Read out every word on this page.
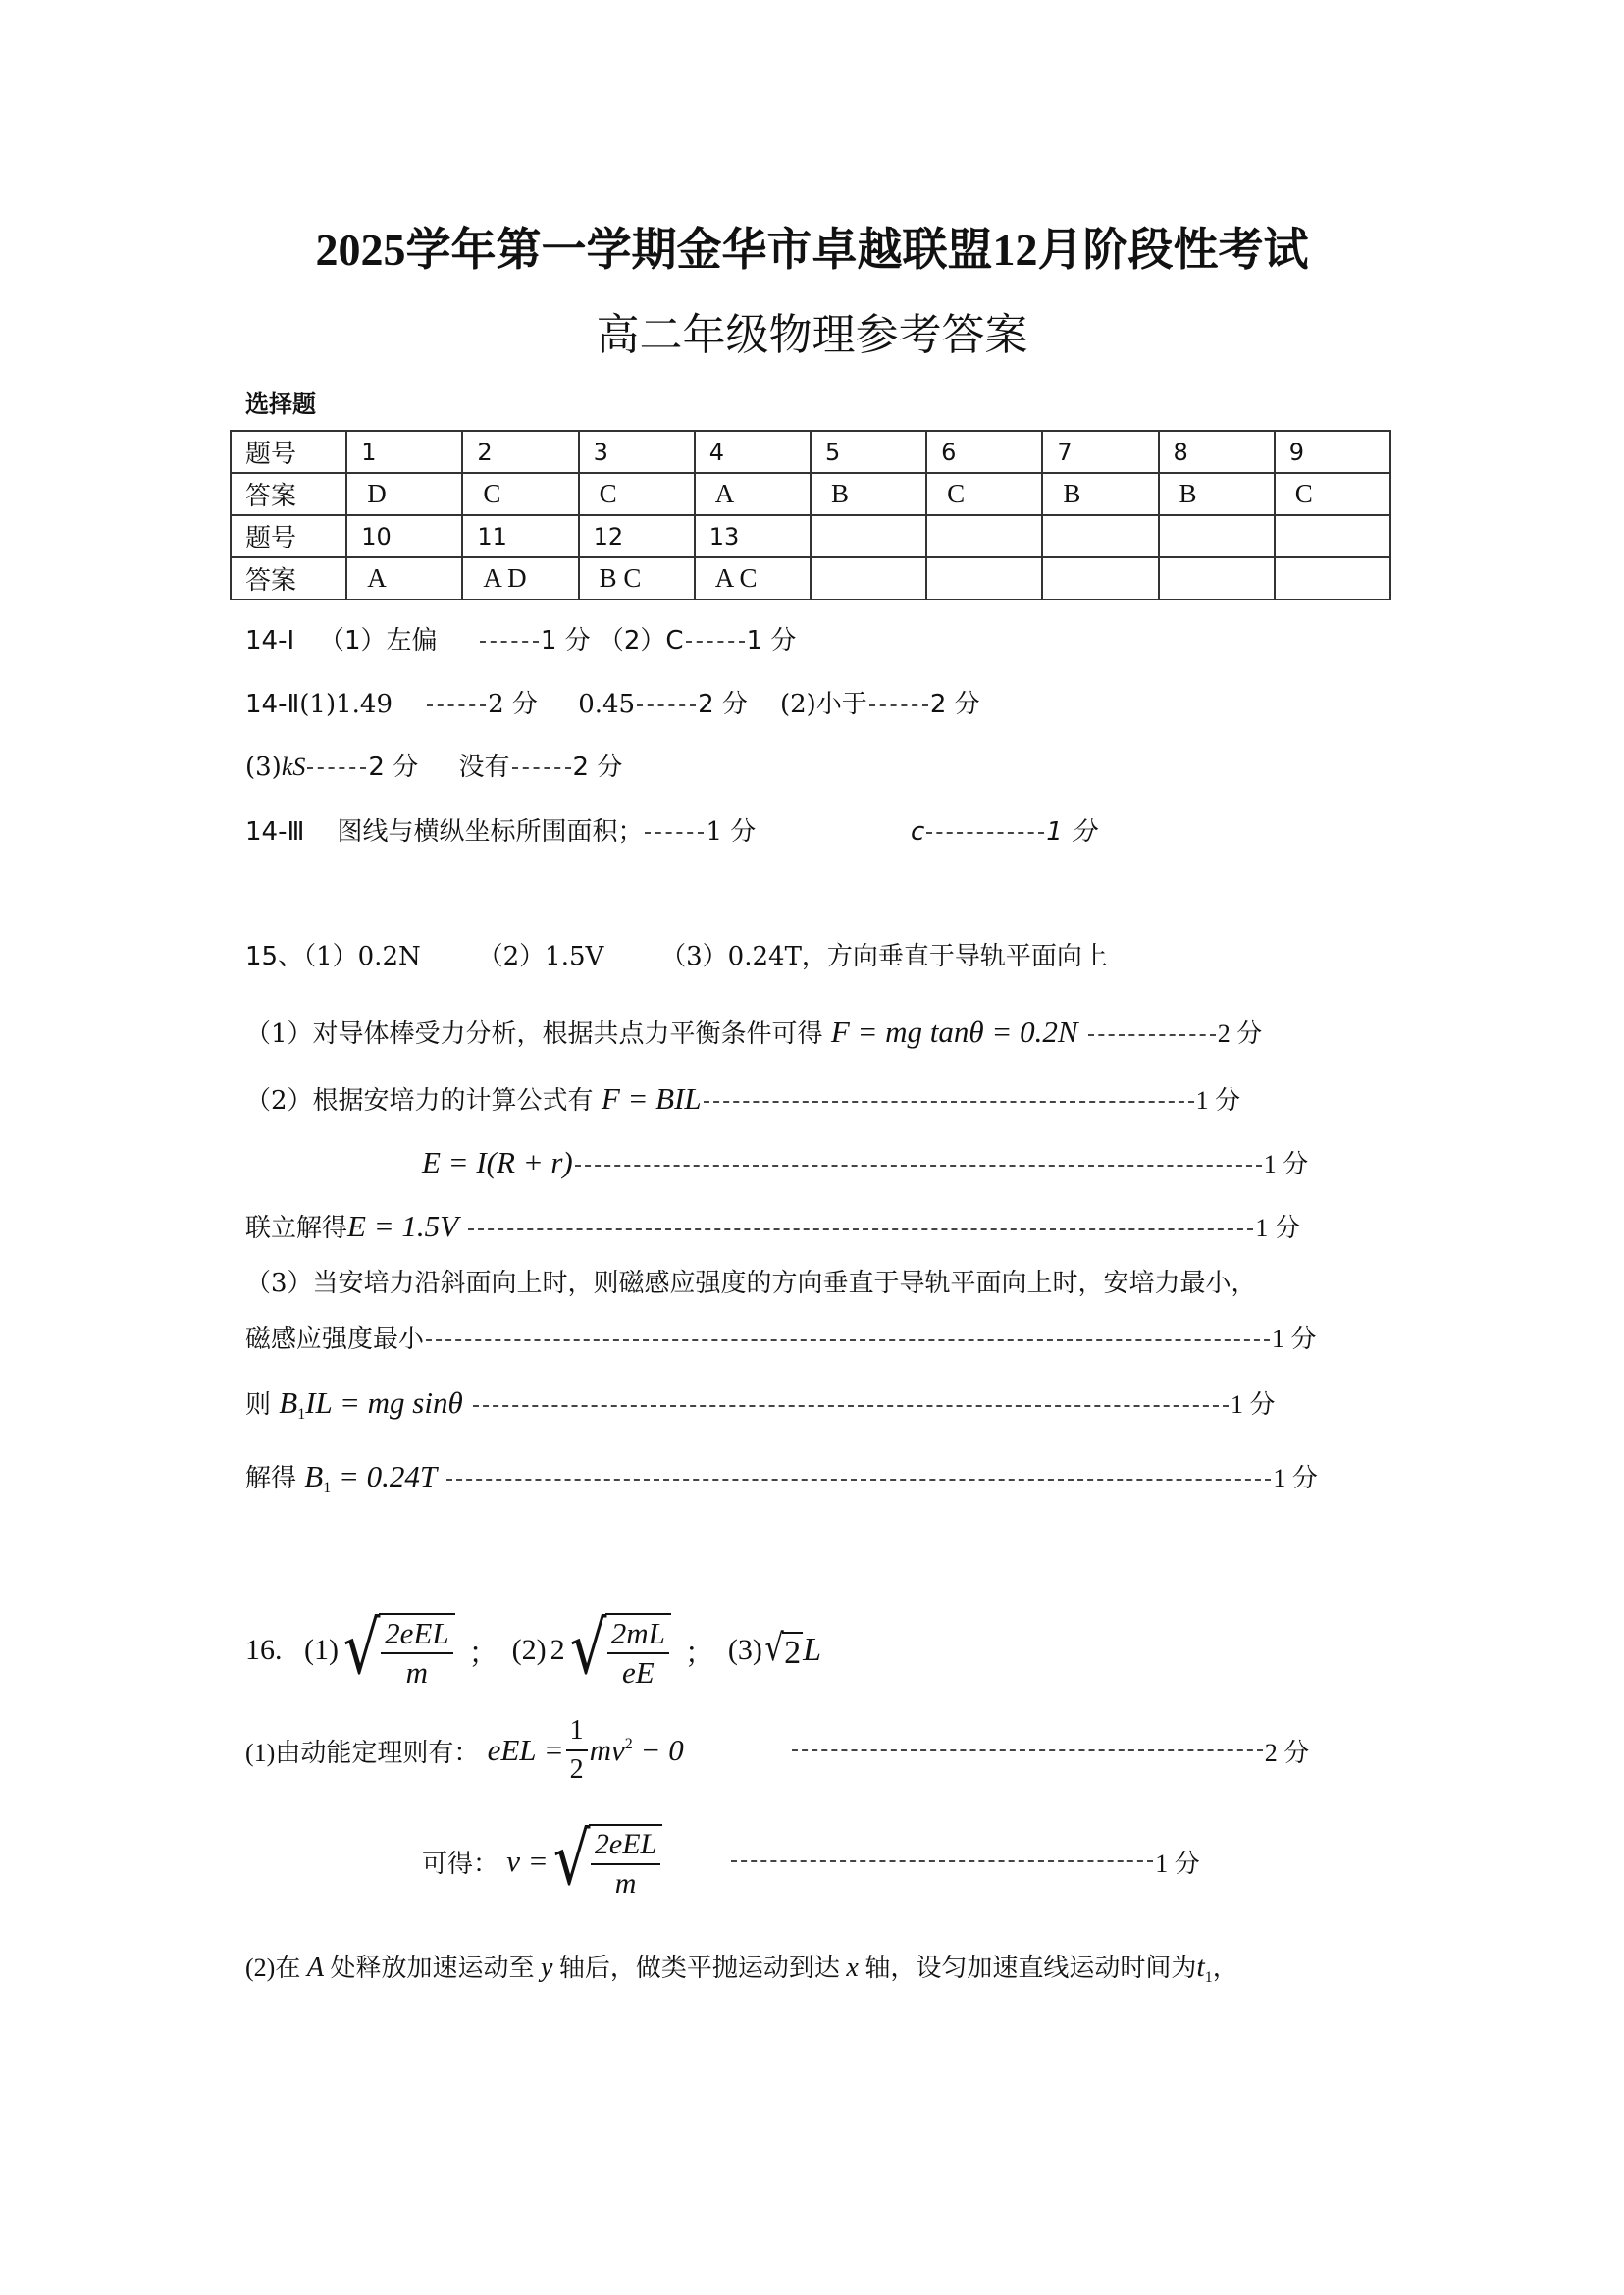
2025学年第一学期金华市卓越联盟12月阶段性考试
高二年级物理参考答案
选择题
题号	1	2	3	4	5	6	7	8	9
答案	D	C	C	A	B	C	B	B	C
题号	10	11	12	13					
答案	A	A D	B C	A C					
14-Ⅰ （1）左偏	1 分 （2）C 1 分
14-Ⅱ(1)1.49	2 分 0.45 2 分 (2)小于 2 分
(3)kS 2 分 没有 2 分
14-Ⅲ 图线与横纵坐标所围面积； 1 分	c	1 分
15、（1）0.2N （2）1.5V （3）0.24T，方向垂直于导轨平面向上
（1）对导体棒受力分析，根据共点力平衡条件可得 F = mg tanθ = 0.2N	2 分
（2）根据安培力的计算公式有 F = BIL	1 分
E = I(R + r)	1 分
联立解得E = 1.5V	1 分
（3）当安培力沿斜面向上时，则磁感应强度的方向垂直于导轨平面向上时，安培力最小，
磁感应强度最小	1 分
则 $B_1IL$ = mg sinθ	1 分
解得 $B_1 = 0.24T$	1 分
16.
(1) √ $\frac{\text{2eEL}}{m}$ ； (2) 2 √ $\frac{2mL}{eE}$ ； (3) √ 2 L
(1)由动能定理则有：
eEL = $\frac{1}{2} mv^2 - 0$	2 分
可得：
v = √ $\frac{\text{2eEL}}{m}$	1 分
(2)在 A 处释放加速运动至 y 轴后，做类平抛运动到达 x 轴，设匀加速直线运动时间为$t_1$，
